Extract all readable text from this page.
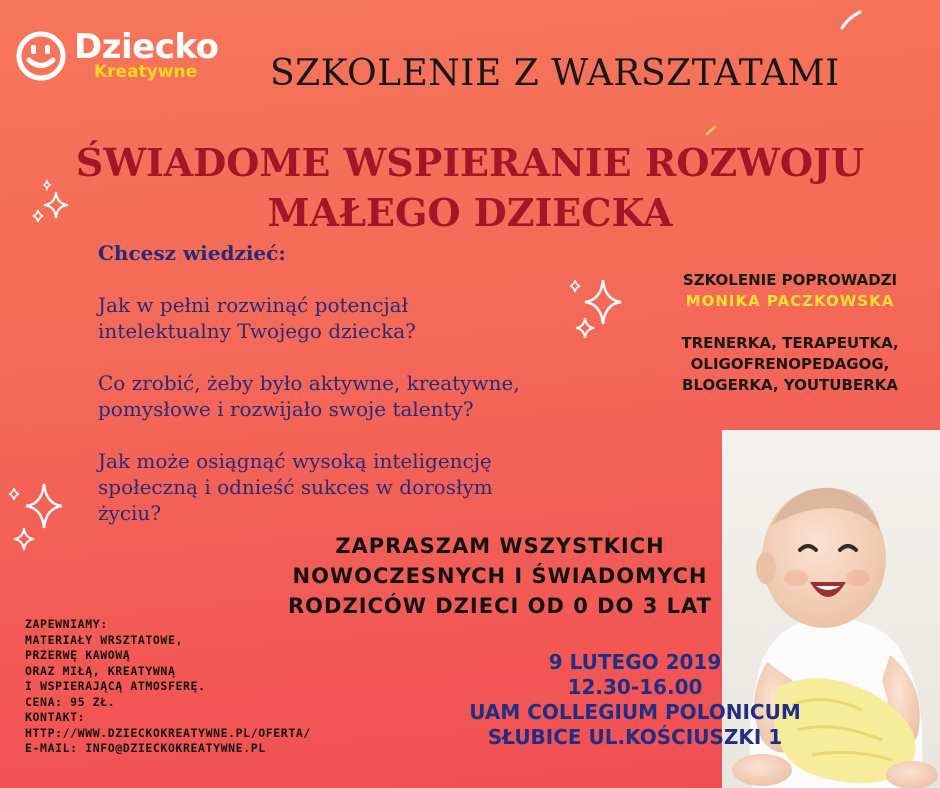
Dziecko
Kreatywne SZKOLENIE Z WARSZTATAMI
ŚWIADOME WSPIERANIE ROZWOJU
MAŁEGO DZIECKA
Chcesz wiedzieć:
Jak w pełni rozwinąć potencjał
intelektualny Twojego dziecka?
Co zrobić, żeby było aktywne, kreatywne,
pomysłowe i rozwijało swoje talenty?
Jak może osiągnąć wysoką inteligencję
społeczną i odnieść sukces w dorosłym
życiu?
SZKOLENIE POPROWADZI
MONIKA PACZKOWSKA
TRENERKA, TERAPEUTKA,
OLIGOFRENOPEDAGOG,
BLOGERKA, YOUTUBERKA
ZAPRASZAM WSZYSTKICH
NOWOCZESNYCH I ŚWIADOMYCH
RODZICÓW DZIECI OD 0 DO 3 LAT
9 LUTEGO 2019
12.30-16.00
UAM COLLEGIUM POLONICUM
SŁUBICE UL.KOŚCIUSZKI 1
ZAPEWNIAMY:
MATERIAŁY WRSZTATOWE,
PRZERWĘ KAWOWĄ
ORAZ MIŁĄ, KREATYWNĄ
I WSPIERAJĄCĄ ATMOSFERĘ.
CENA: 95 ZŁ.
KONTAKT:
HTTP://WWW.DZIECKOKREATYWNE.PL/OFERTA/
E-MAIL: INFO@DZIECKOKREATYWNE.PL
